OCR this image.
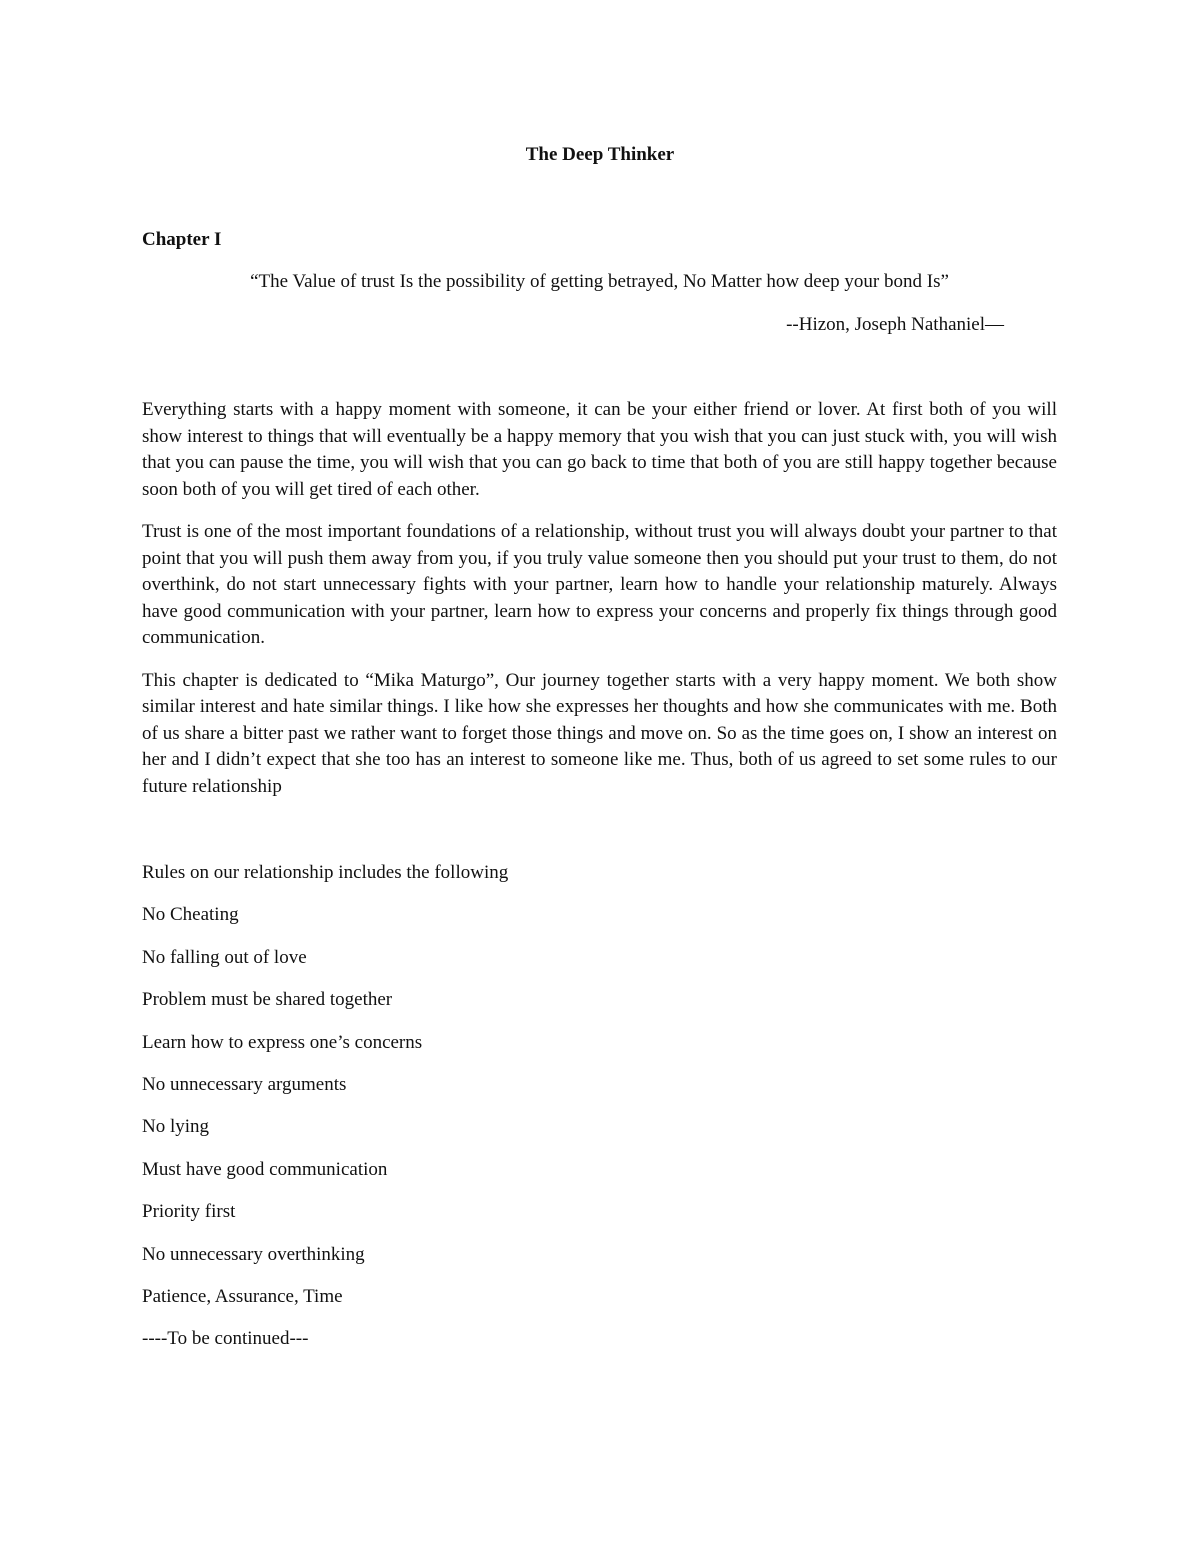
The Deep Thinker
Chapter I
“The Value of trust Is the possibility of getting betrayed, No Matter how deep your bond Is”
--Hizon, Joseph Nathaniel—

Everything starts with a happy moment with someone, it can be your either friend or lover. At first both of you will show interest to things that will eventually be a happy memory that you wish that you can just stuck with, you will wish that you can pause the time, you will wish that you can go back to time that both of you are still happy together because soon both of you will get tired of each other.

Trust is one of the most important foundations of a relationship, without trust you will always doubt your partner to that point that you will push them away from you, if you truly value someone then you should put your trust to them, do not overthink, do not start unnecessary fights with your partner, learn how to handle your relationship maturely. Always have good communication with your partner, learn how to express your concerns and properly fix things through good communication.

This chapter is dedicated to “Mika Maturgo”, Our journey together starts with a very happy moment. We both show similar interest and hate similar things. I like how she expresses her thoughts and how she communicates with me. Both of us share a bitter past we rather want to forget those things and move on. So as the time goes on, I show an interest on her and I didn’t expect that she too has an interest to someone like me. Thus, both of us agreed to set some rules to our future relationship

Rules on our relationship includes the following
No Cheating
No falling out of love
Problem must be shared together
Learn how to express one’s concerns
No unnecessary arguments
No lying
Must have good communication
Priority first
No unnecessary overthinking
Patience, Assurance, Time
----To be continued---
